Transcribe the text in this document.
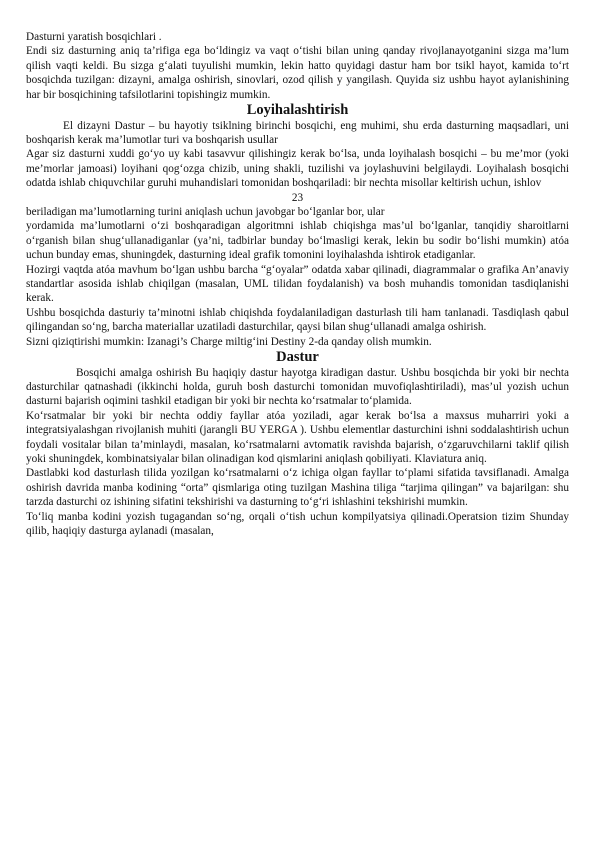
Dasturni yaratish bosqichlari .

Endi siz dasturning aniq ta’rifiga ega bo‘ldingiz va vaqt o‘tishi bilan uning qanday rivojlanayotganini sizga ma’lum qilish vaqti keldi. Bu sizga g‘alati tuyulishi mumkin, lekin hatto quyidagi dastur ham bor tsikl hayot, kamida to‘rt bosqichda tuzilgan: dizayni, amalga oshirish, sinovlari, ozod qilish y yangilash. Quyida siz ushbu hayot aylanishining har bir bosqichining tafsilotlarini topishingiz mumkin.

Loyihalashtirish

El dizayni Dastur – bu hayotiy tsiklning birinchi bosqichi, eng muhimi, shu erda dasturning maqsadlari, uni boshqarish kerak ma’lumotlar turi va boshqarish usullar

Agar siz dasturni xuddi go‘yo uy kabi tasavvur qilishingiz kerak bo‘lsa, unda loyihalash bosqichi – bu me’mor (yoki me’morlar jamoasi) loyihani qog‘ozga chizib, uning shakli, tuzilishi va joylashuvini belgilaydi. Loyihalash bosqichi odatda ishlab chiquvchilar guruhi muhandislari tomonidan boshqariladi: bir nechta misollar keltirish uchun, ishlov

23

beriladigan ma’lumotlarning turini aniqlash uchun javobgar bo‘lganlar bor, ular

yordamida ma’lumotlarni o‘zi boshqaradigan algoritmni ishlab chiqishga mas’ul bo‘lganlar, tanqidiy sharoitlarni o‘rganish bilan shug‘ullanadiganlar (ya’ni, tadbirlar bunday bo‘lmasligi kerak, lekin bu sodir bo‘lishi mumkin) atóa uchun bunday emas, shuningdek, dasturning ideal grafik tomonini loyihalashda ishtirok etadiganlar.

Hozirgi vaqtda atóa mavhum bo‘lgan ushbu barcha “g‘oyalar” odatda xabar qilinadi, diagrammalar o grafika An’anaviy standartlar asosida ishlab chiqilgan (masalan, UML tilidan foydalanish) va bosh muhandis tomonidan tasdiqlanishi kerak.

Ushbu bosqichda dasturiy ta’minotni ishlab chiqishda foydalaniladigan dasturlash tili ham tanlanadi. Tasdiqlash qabul qilingandan so‘ng, barcha materiallar uzatiladi dasturchilar, qaysi bilan shug‘ullanadi amalga oshirish.

Sizni qiziqtirishi mumkin: Izanagi’s Charge miltig‘ini Destiny 2-da qanday olish mumkin.

Dastur

Bosqichi amalga oshirish Bu haqiqiy dastur hayotga kiradigan dastur. Ushbu bosqichda bir yoki bir nechta dasturchilar qatnashadi (ikkinchi holda, guruh bosh dasturchi tomonidan muvofiqlashtiriladi), mas’ul yozish uchun dasturni bajarish oqimini tashkil etadigan bir yoki bir nechta ko‘rsatmalar to‘plamida.

Ko‘rsatmalar bir yoki bir nechta oddiy fayllar atóa yoziladi, agar kerak bo‘lsa a maxsus muharriri yoki a integratsiyalashgan rivojlanish muhiti (jarangli BU YERGA ). Ushbu elementlar dasturchini ishni soddalashtirish uchun foydali vositalar bilan ta’minlaydi, masalan, ko‘rsatmalarni avtomatik ravishda bajarish, o‘zgaruvchilarni taklif qilish yoki shuningdek, kombinatsiyalar bilan olinadigan kod qismlarini aniqlash qobiliyati. Klaviatura aniq.

Dastlabki kod dasturlash tilida yozilgan ko‘rsatmalarni o‘z ichiga olgan fayllar to‘plami sifatida tavsiflanadi. Amalga oshirish davrida manba kodining “orta” qismlariga oting tuzilgan Mashina tiliga “tarjima qilingan” va bajarilgan: shu tarzda dasturchi oz ishining sifatini tekshirishi va dasturning to‘g‘ri ishlashini tekshirishi mumkin.

To‘liq manba kodini yozish tugagandan so‘ng, orqali o‘tish uchun kompilyatsiya qilinadi.Operatsion tizim Shunday qilib, haqiqiy dasturga aylanadi (masalan,
